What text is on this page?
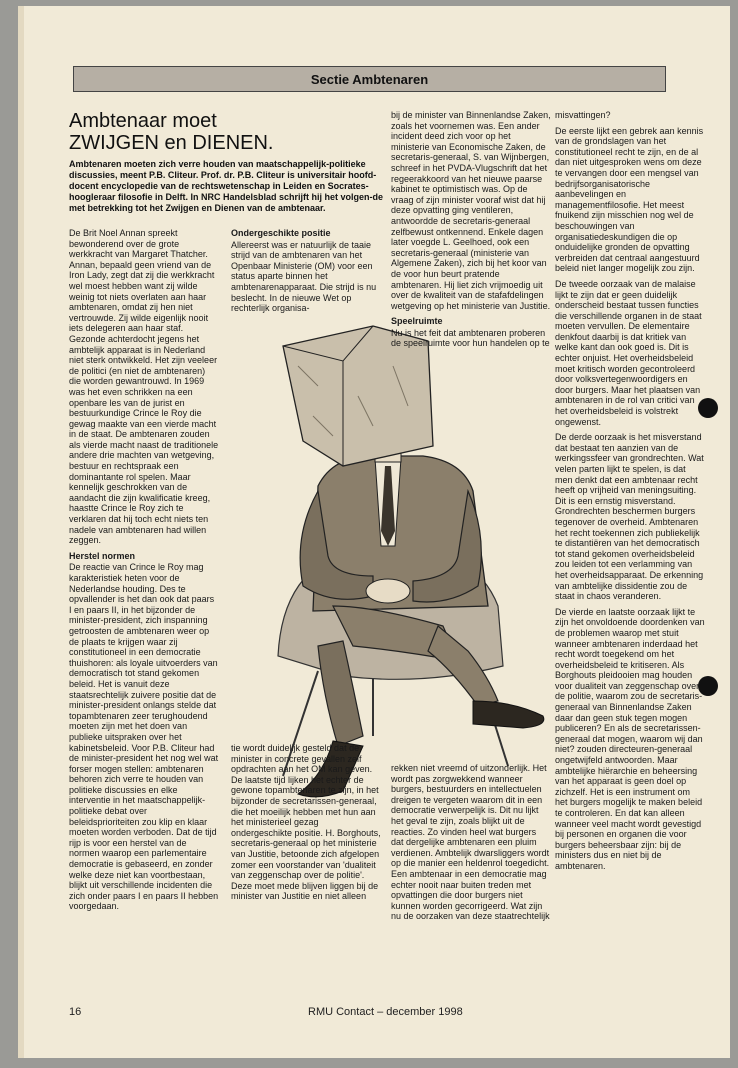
Sectie Ambtenaren
Ambtenaar moet
ZWIJGEN en DIENEN.
Ambtenaren moeten zich verre houden van maatschappelijk-politieke discussies, meent P.B. Cliteur. Prof. dr. P.B. Cliteur is universitair hoofd-docent encyclopedie van de rechtswetenschap in Leiden en Socrates-hoogleraar filosofie in Delft. In NRC Handelsblad schrijft hij het volgen-de met betrekking tot het Zwijgen en Dienen van de ambtenaar.

De Brit Noel Annan spreekt bewonderend over de grote werkkracht van Margaret Thatcher. Annan, bepaald geen vriend van de Iron Lady, zegt dat zij die werkkracht wel moest hebben want zij wilde weinig tot niets overlaten aan haar ambtenaren, omdat zij hen niet vertrouwde. Zij wilde eigenlijk nooit iets delegeren aan haar staf. Gezonde achterdocht jegens het ambtelijk apparaat is in Nederland niet sterk ontwikkeld. Het zijn veeleer de politici (en niet de ambtenaren) die worden gewantrouwd. In 1969 was het even schrikken na een openbare les van de jurist en bestuurkundige Crince le Roy die gewag maakte van een vierde macht in de staat. De ambtenaren zouden als vierde macht naast de traditionele andere drie machten van wetgeving, bestuur en rechtspraak een dominantante rol spelen. Maar kennelijk geschrokken van de aandacht die zijn kwalificatie kreeg, haastte Crince le Roy zich te verklaren dat hij toch echt niets ten nadele van ambtenaren had willen zeggen.

Herstel normen

De reactie van Crince le Roy mag karakteristiek heten voor de Nederlandse houding. Des te opvallender is het dan ook dat paars I en paars II, in het bijzonder de minister-president, zich inspanning getroosten de ambtenaren weer op de plaats te krijgen waar zij constitutioneel in een democratie thuishoren: als loyale uitvoerders van democratisch tot stand gekomen beleid. Het is vanuit deze staatsrechtelijk zuivere positie dat de minister-president onlangs stelde dat topambtenaren zeer terughoudend moeten zijn met het doen van publieke uitspraken over het kabinetsbeleid. Voor P.B. Cliteur had de minister-president het nog wel wat forser mogen stellen: ambtenaren behoren zich verre te houden van politieke discussies en elke interventie in het maatschappelijk-politieke debat over beleidsprioriteiten zou klip en klaar moeten worden verboden. Dat de tijd rijp is voor een herstel van de normen waarop een parlementaire democratie is gebaseerd, en zonder welke deze niet kan voortbestaan, blijkt uit verschillende incidenten die zich onder paars I en paars II hebben voorgedaan.

Ondergeschikte positie

Allereerst was er natuurlijk de taaie strijd van de ambtenaren van het Openbaar Ministerie (OM) voor een status aparte binnen het ambtenarenapparaat. Die strijd is nu beslecht. In de nieuwe Wet op rechterlijk organisa-

bij de minister van Binnenlandse Zaken, zoals het voornemen was. Een ander incident deed zich voor op het ministerie van Economische Zaken, de secretaris-generaal, S. van Wijnbergen, schreef in het PVDA-Vlugschrift dat het regeerakkoord van het nieuwe paarse kabinet te optimistisch was. Op de vraag of zijn minister vooraf wist dat hij deze opvatting ging ventileren, antwoordde de secretaris-generaal zelfbewust ontkennend. Enkele dagen later voegde L. Geelhoed, ook een secretaris-generaal (ministerie van Algemene Zaken), zich bij het koor van de voor hun beurt pratende ambtenaren. Hij liet zich vrijmoedig uit over de kwaliteit van de stafafdelingen wetgeving op het ministerie van Justitie.

Speelruimte

Nu is het feit dat ambtenaren proberen de speelruimte voor hun handelen op te

tie wordt duidelijk gesteld dat de minister in concrete gevallen zelf opdrachten aan het OM kan geven. De laatste tijd lijken het echter de gewone topambtenaren te zijn, in het bijzonder de secretarissen-generaal, die het moeilijk hebben met hun aan het ministerieel gezag ondergeschikte positie. H. Borghouts, secretaris-generaal op het ministerie van Justitie, betoonde zich afgelopen zomer een voorstander van 'dualiteit van zeggenschap over de politie'. Deze moet mede blijven liggen bij de minister van Justitie en niet alleen

rekken niet vreemd of uitzonderlijk. Het wordt pas zorgwekkend wanneer burgers, bestuurders en intellectuelen dreigen te vergeten waarom dit in een democratie verwerpelijk is. Dit nu lijkt het geval te zijn, zoals blijkt uit de reacties. Zo vinden heel wat burgers dat dergelijke ambtenaren een pluim verdienen. Ambtelijk dwarsliggers wordt op die manier een heldenrol toegedicht. Een ambtenaar in een democratie mag echter nooit naar buiten treden met opvattingen die door burgers niet kunnen worden gecorrigeerd. Wat zijn nu de oorzaken van deze staatrechtelijk

misvattingen?

De eerste lijkt een gebrek aan kennis van de grondslagen van het constitutioneel recht te zijn, en de al dan niet uitgesproken wens om deze te vervangen door een mengsel van bedrijfsorganisatorische aanbevelingen en managementfilosofie. Het meest fnuikend zijn misschien nog wel de beschouwingen van organisatiedeskundigen die op onduidelijke gronden de opvatting verbreiden dat centraal aangestuurd beleid niet langer mogelijk zou zijn.

De tweede oorzaak van de malaise lijkt te zijn dat er geen duidelijk onderscheid bestaat tussen functies die verschillende organen in de staat moeten vervullen. De elementaire denkfout daarbij is dat kritiek van welke kant dan ook goed is. Dit is echter onjuist. Het overheidsbeleid moet kritisch worden gecontroleerd door volksvertegenwoordigers en door burgers. Maar het plaatsen van ambtenaren in de rol van critici van het overheidsbeleid is volstrekt ongewenst.

De derde oorzaak is het misverstand dat bestaat ten aanzien van de werkingssfeer van grondrechten. Wat velen parten lijkt te spelen, is dat men denkt dat een ambtenaar recht heeft op vrijheid van meningsuiting. Dit is een ernstig misverstand. Grondrechten beschermen burgers tegenover de overheid. Ambtenaren het recht toekennen zich publiekelijk te distantiëren van het democratisch tot stand gekomen overheidsbeleid zou leiden tot een verlamming van het overheidsapparaat. De erkenning van ambtelijke dissidentie zou de staat in chaos veranderen.

De vierde en laatste oorzaak lijkt te zijn het onvoldoende doordenken van de problemen waarop met stuit wanneer ambtenaren inderdaad het recht wordt toegekend om het overheidsbeleid te kritiseren. Als Borghouts pleidooien mag houden voor dualiteit van zeggenschap over de politie, waarom zou de secretaris-generaal van Binnenlandse Zaken daar dan geen stuk tegen mogen publiceren? En als de secretarissen-generaal dat mogen, waarom wij dan niet? zouden directeuren-generaal ongetwijfeld antwoorden. Maar ambtelijke hiërarchie en beheersing van het apparaat is geen doel op zichzelf. Het is een instrument om het burgers mogelijk te maken beleid te controleren. En dat kan alleen wanneer veel macht wordt gevestigd bij personen en organen die voor burgers beheersbaar zijn: bij de ministers dus en niet bij de ambtenaren.

16	RMU Contact – december 1998
